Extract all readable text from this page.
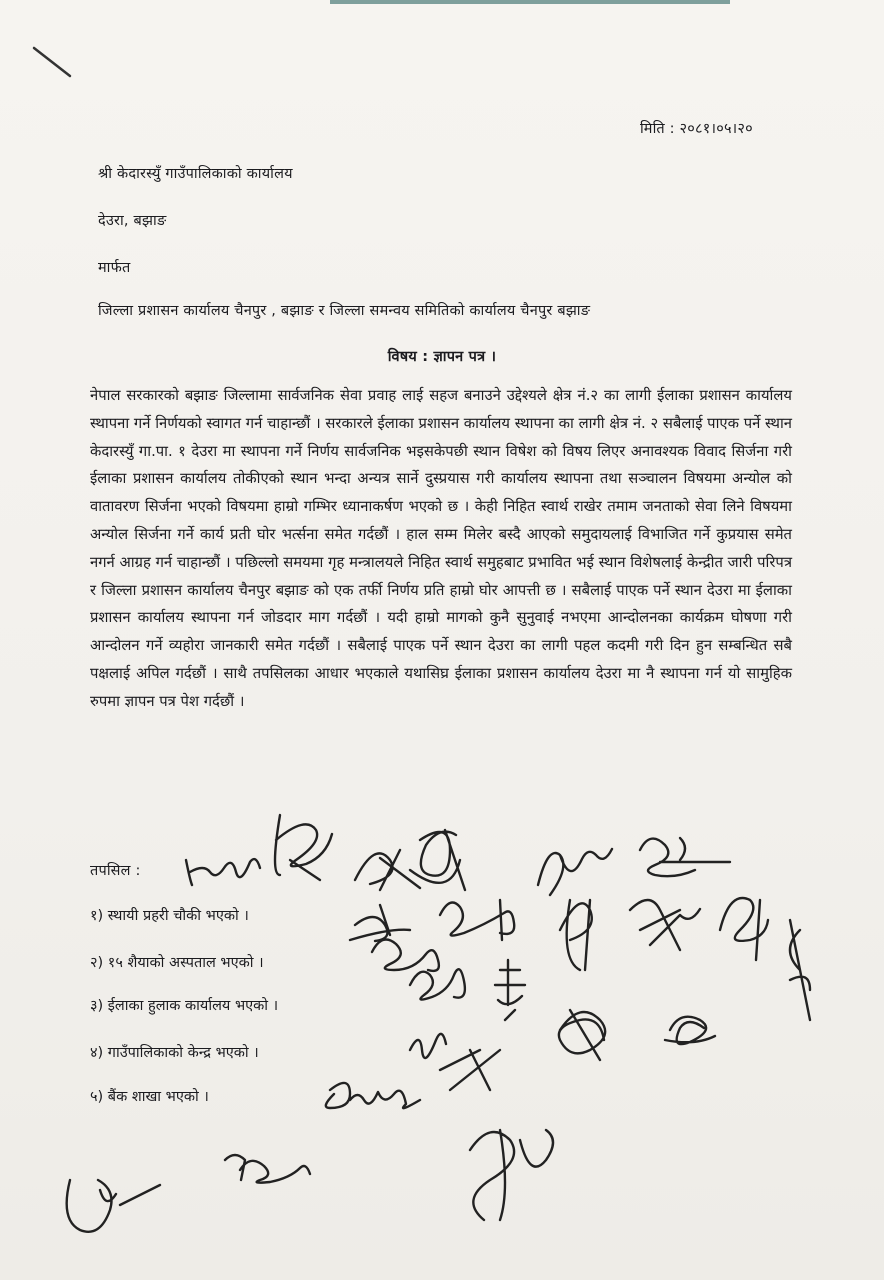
मिति : २०८१।०५।२०
श्री केदारस्युँ गाउँपालिकाको कार्यालय
देउरा, बझाङ
मार्फत
जिल्ला प्रशासन कार्यालय चैनपुर , बझाङ र जिल्ला समन्वय समितिको कार्यालय चैनपुर बझाङ
विषय : ज्ञापन पत्र ।
नेपाल सरकारको बझाङ जिल्लामा सार्वजनिक सेवा प्रवाह लाई सहज बनाउने उद्देश्यले क्षेत्र नं.२ का लागी ईलाका प्रशासन कार्यालय स्थापना गर्ने निर्णयको स्वागत गर्न चाहान्छौं । सरकारले ईलाका प्रशासन कार्यालय स्थापना का लागी क्षेत्र नं. २ सबैलाई पाएक पर्ने स्थान केदारस्युँ गा.पा. १ देउरा मा स्थापना गर्ने निर्णय सार्वजनिक भइसकेपछी स्थान विषेश को विषय लिएर अनावश्यक विवाद सिर्जना गरी ईलाका प्रशासन कार्यालय तोकीएको स्थान भन्दा अन्यत्र सार्ने दुस्प्रयास गरी कार्यालय स्थापना तथा सञ्चालन विषयमा अन्योल को वातावरण सिर्जना भएको विषयमा हाम्रो गम्भिर ध्यानाकर्षण भएको छ । केही निहित स्वार्थ राखेर तमाम जनताको सेवा लिने विषयमा अन्योल सिर्जना गर्ने कार्य प्रती घोर भर्त्सना समेत गर्दछौं । हाल सम्म मिलेर बस्दै आएको समुदायलाई विभाजित गर्ने कुप्रयास समेत नगर्न आग्रह गर्न चाहान्छौं । पछिल्लो समयमा गृह मन्त्रालयले निहित स्वार्थ समुहबाट प्रभावित भई स्थान विशेषलाई केन्द्रीत जारी परिपत्र र जिल्ला प्रशासन कार्यालय चैनपुर बझाङ को एक तर्फी निर्णय प्रति हाम्रो घोर आपत्ती छ । सबैलाई पाएक पर्ने स्थान देउरा मा ईलाका प्रशासन कार्यालय स्थापना गर्न जोडदार माग गर्दछौं । यदी हाम्रो मागको कुनै सुनुवाई नभएमा आन्दोलनका कार्यक्रम घोषणा गरी आन्दोलन गर्ने व्यहोरा जानकारी समेत गर्दछौं । सबैलाई पाएक पर्ने स्थान देउरा का लागी पहल कदमी गरी दिन हुन सम्बन्धित सबै पक्षलाई अपिल गर्दछौं । साथै तपसिलका आधार भएकाले यथासिघ्र ईलाका प्रशासन कार्यालय देउरा मा नै स्थापना गर्न यो सामुहिक रुपमा ज्ञापन पत्र पेश गर्दछौं ।
तपसिल :
१) स्थायी प्रहरी चौकी भएको ।
२) १५ शैयाको अस्पताल भएको ।
३) ईलाका हुलाक कार्यालय भएको ।
४) गाउँपालिकाको केन्द्र भएको ।
५) बैंक शाखा भएको ।
